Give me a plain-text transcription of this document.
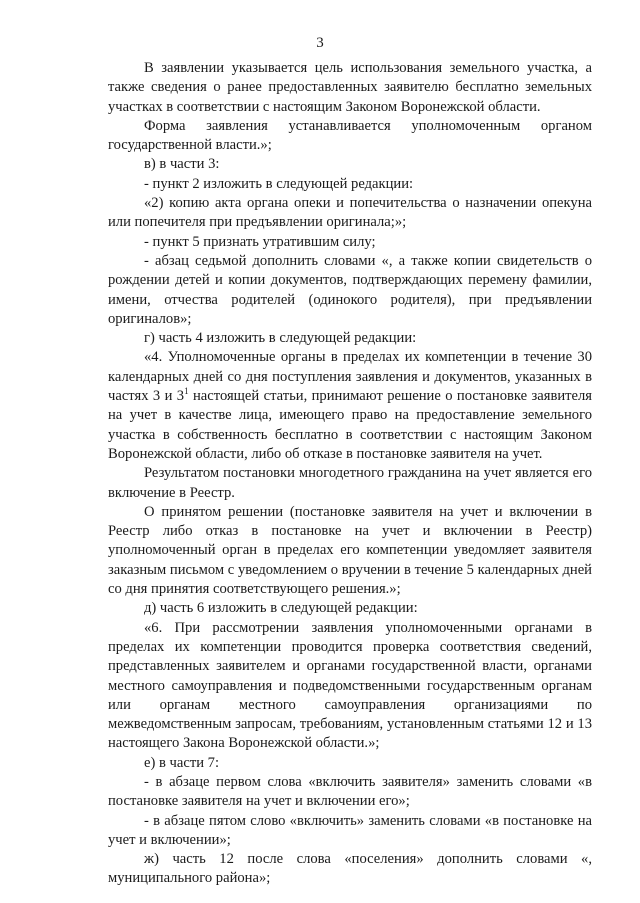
3

В заявлении указывается цель использования земельного участка, а также сведения о ранее предоставленных заявителю бесплатно земельных участках в соответствии с настоящим Законом Воронежской области.

Форма заявления устанавливается уполномоченным органом государственной власти.»;

в) в части 3:

- пункт 2 изложить в следующей редакции:

«2) копию акта органа опеки и попечительства о назначении опекуна или попечителя при предъявлении оригинала;»;

- пункт 5 признать утратившим силу;

- абзац седьмой дополнить словами «, а также копии свидетельств о рождении детей и копии документов, подтверждающих перемену фамилии, имени, отчества родителей (одинокого родителя), при предъявлении оригиналов»;

г) часть 4 изложить в следующей редакции:

«4. Уполномоченные органы в пределах их компетенции в течение 30 календарных дней со дня поступления заявления и документов, указанных в частях 3 и $3^1$ настоящей статьи, принимают решение о постановке заявителя на учет в качестве лица, имеющего право на предоставление земельного участка в собственность бесплатно в соответствии с настоящим Законом Воронежской области, либо об отказе в постановке заявителя на учет.

Результатом постановки многодетного гражданина на учет является его включение в Реестр.

О принятом решении (постановке заявителя на учет и включении в Реестр либо отказ в постановке на учет и включении в Реестр) уполномоченный орган в пределах его компетенции уведомляет заявителя заказным письмом с уведомлением о вручении в течение 5 календарных дней со дня принятия соответствующего решения.»;

д) часть 6 изложить в следующей редакции:

«6. При рассмотрении заявления уполномоченными органами в пределах их компетенции проводится проверка соответствия сведений, представленных заявителем и органами государственной власти, органами местного самоуправления и подведомственными государственным органам или органам местного самоуправления организациями по межведомственным запросам, требованиям, установленным статьями 12 и 13 настоящего Закона Воронежской области.»;

е) в части 7:

- в абзаце первом слова «включить заявителя» заменить словами «в постановке заявителя на учет и включении его»;

- в абзаце пятом слово «включить» заменить словами «в постановке на учет и включении»;

ж) часть 12 после слова «поселения» дополнить словами «, муниципального района»;
